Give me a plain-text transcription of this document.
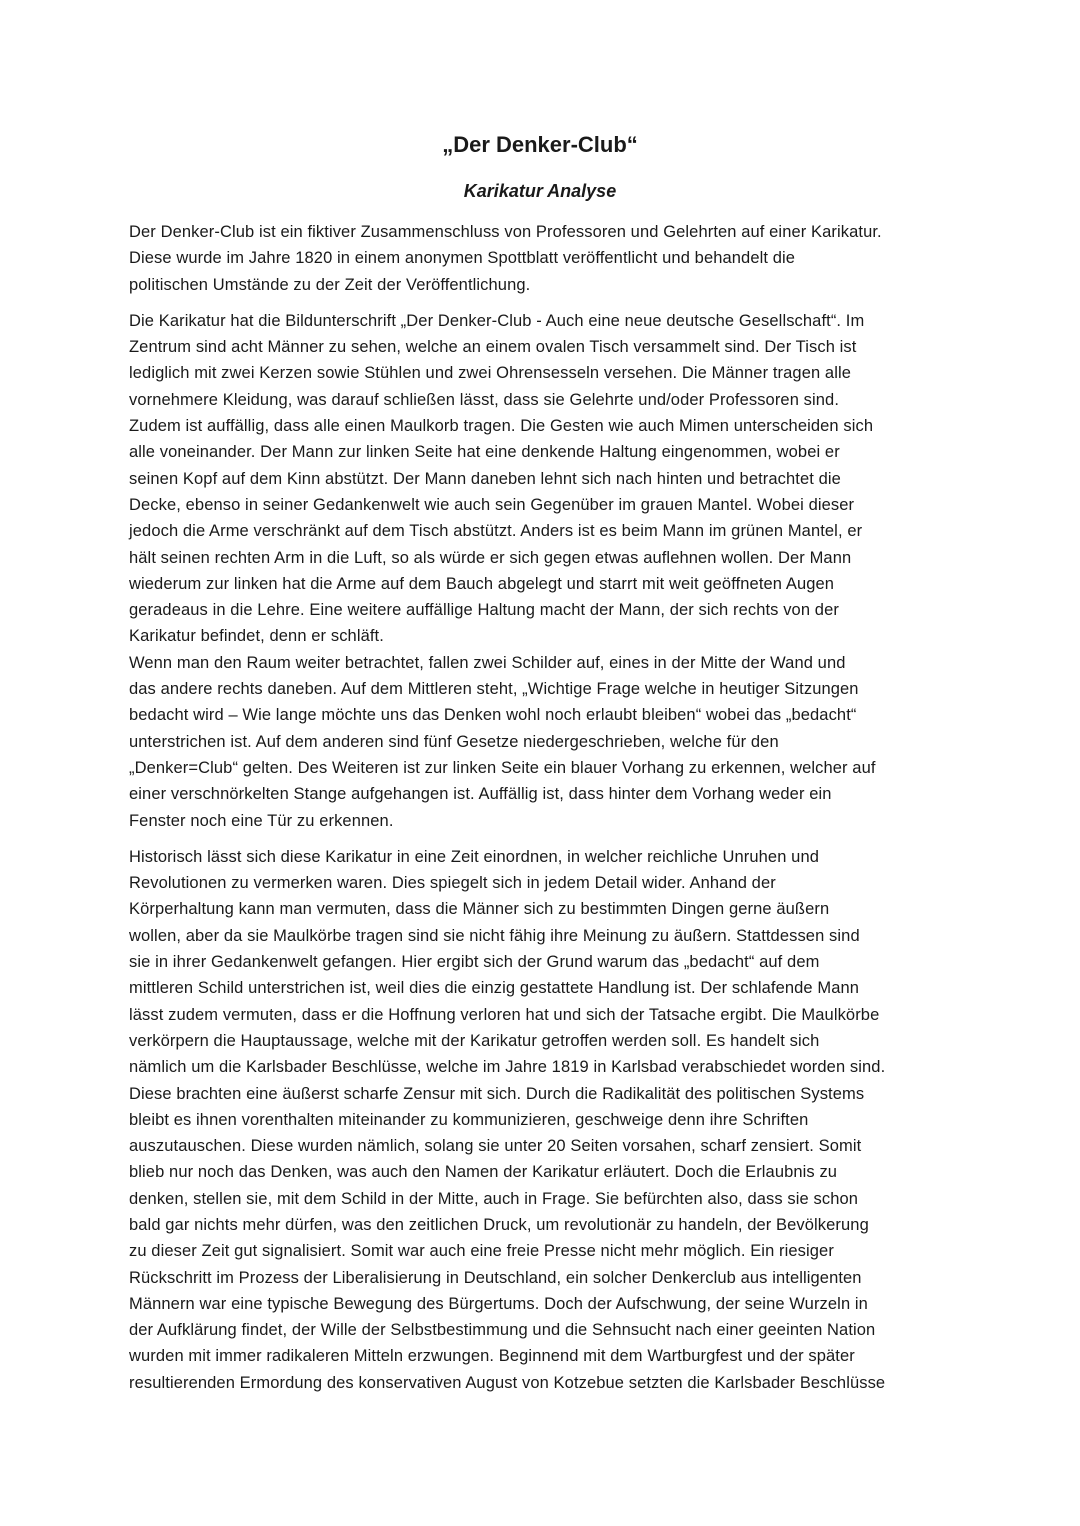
„Der Denker-Club“
Karikatur Analyse

Der Denker-Club ist ein fiktiver Zusammenschluss von Professoren und Gelehrten auf einer Karikatur.
Diese wurde im Jahre 1820 in einem anonymen Spottblatt veröffentlicht und behandelt die
politischen Umstände zu der Zeit der Veröffentlichung.

Die Karikatur hat die Bildunterschrift „Der Denker-Club - Auch eine neue deutsche Gesellschaft“. Im
Zentrum sind acht Männer zu sehen, welche an einem ovalen Tisch versammelt sind. Der Tisch ist
lediglich mit zwei Kerzen sowie Stühlen und zwei Ohrensesseln versehen. Die Männer tragen alle
vornehmere Kleidung, was darauf schließen lässt, dass sie Gelehrte und/oder Professoren sind.
Zudem ist auffällig, dass alle einen Maulkorb tragen. Die Gesten wie auch Mimen unterscheiden sich
alle voneinander. Der Mann zur linken Seite hat eine denkende Haltung eingenommen, wobei er
seinen Kopf auf dem Kinn abstützt. Der Mann daneben lehnt sich nach hinten und betrachtet die
Decke, ebenso in seiner Gedankenwelt wie auch sein Gegenüber im grauen Mantel. Wobei dieser
jedoch die Arme verschränkt auf dem Tisch abstützt. Anders ist es beim Mann im grünen Mantel, er
hält seinen rechten Arm in die Luft, so als würde er sich gegen etwas auflehnen wollen. Der Mann
wiederum zur linken hat die Arme auf dem Bauch abgelegt und starrt mit weit geöffneten Augen
geradeaus in die Lehre. Eine weitere auffällige Haltung macht der Mann, der sich rechts von der
Karikatur befindet, denn er schläft.
Wenn man den Raum weiter betrachtet, fallen zwei Schilder auf, eines in der Mitte der Wand und
das andere rechts daneben. Auf dem Mittleren steht, „Wichtige Frage welche in heutiger Sitzungen
bedacht wird – Wie lange möchte uns das Denken wohl noch erlaubt bleiben“ wobei das „bedacht“
unterstrichen ist. Auf dem anderen sind fünf Gesetze niedergeschrieben, welche für den
„Denker=Club“ gelten. Des Weiteren ist zur linken Seite ein blauer Vorhang zu erkennen, welcher auf
einer verschnörkelten Stange aufgehangen ist. Auffällig ist, dass hinter dem Vorhang weder ein
Fenster noch eine Tür zu erkennen.

Historisch lässt sich diese Karikatur in eine Zeit einordnen, in welcher reichliche Unruhen und
Revolutionen zu vermerken waren. Dies spiegelt sich in jedem Detail wider. Anhand der
Körperhaltung kann man vermuten, dass die Männer sich zu bestimmten Dingen gerne äußern
wollen, aber da sie Maulkörbe tragen sind sie nicht fähig ihre Meinung zu äußern. Stattdessen sind
sie in ihrer Gedankenwelt gefangen. Hier ergibt sich der Grund warum das „bedacht“ auf dem
mittleren Schild unterstrichen ist, weil dies die einzig gestattete Handlung ist. Der schlafende Mann
lässt zudem vermuten, dass er die Hoffnung verloren hat und sich der Tatsache ergibt. Die Maulkörbe
verkörpern die Hauptaussage, welche mit der Karikatur getroffen werden soll. Es handelt sich
nämlich um die Karlsbader Beschlüsse, welche im Jahre 1819 in Karlsbad verabschiedet worden sind.
Diese brachten eine äußerst scharfe Zensur mit sich. Durch die Radikalität des politischen Systems
bleibt es ihnen vorenthalten miteinander zu kommunizieren, geschweige denn ihre Schriften
auszutauschen. Diese wurden nämlich, solang sie unter 20 Seiten vorsahen, scharf zensiert. Somit
blieb nur noch das Denken, was auch den Namen der Karikatur erläutert. Doch die Erlaubnis zu
denken, stellen sie, mit dem Schild in der Mitte, auch in Frage. Sie befürchten also, dass sie schon
bald gar nichts mehr dürfen, was den zeitlichen Druck, um revolutionär zu handeln, der Bevölkerung
zu dieser Zeit gut signalisiert. Somit war auch eine freie Presse nicht mehr möglich. Ein riesiger
Rückschritt im Prozess der Liberalisierung in Deutschland, ein solcher Denkerclub aus intelligenten
Männern war eine typische Bewegung des Bürgertums. Doch der Aufschwung, der seine Wurzeln in
der Aufklärung findet, der Wille der Selbstbestimmung und die Sehnsucht nach einer geeinten Nation
wurden mit immer radikaleren Mitteln erzwungen. Beginnend mit dem Wartburgfest und der später
resultierenden Ermordung des konservativen August von Kotzebue setzten die Karlsbader Beschlüsse
